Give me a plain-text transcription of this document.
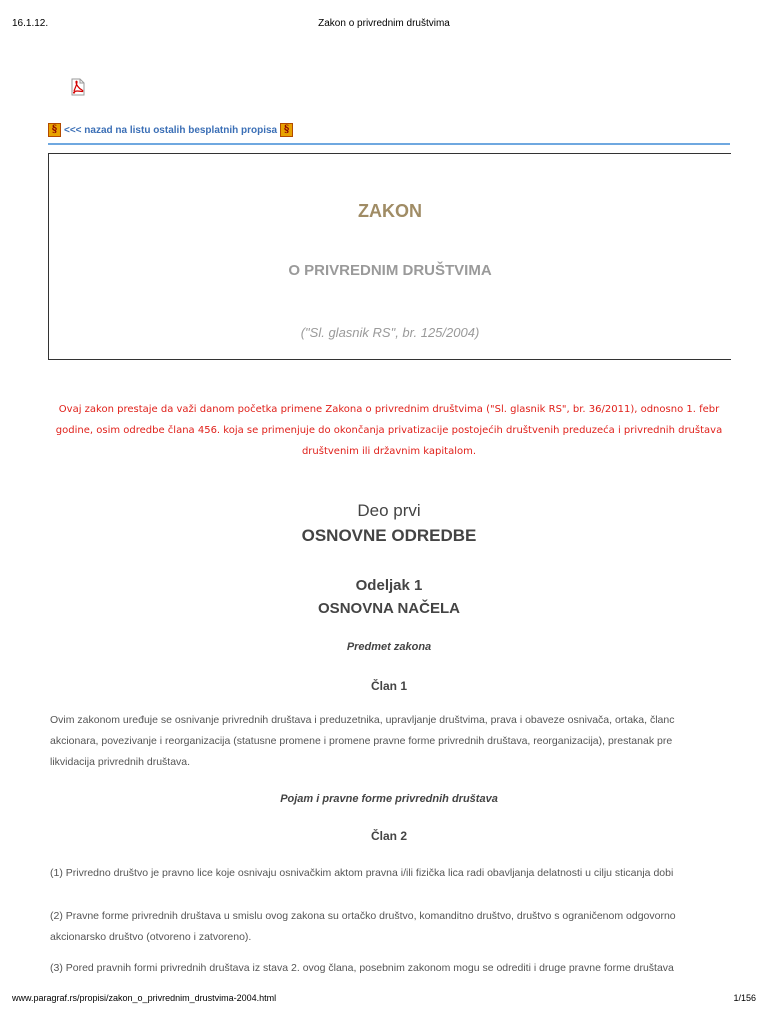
16.1.12.	Zakon o privrednim društvima
§ <<< nazad na listu ostalih besplatnih propisa §
ZAKON
O PRIVREDNIM DRUŠTVIMA
("Sl. glasnik RS", br. 125/2004)
Ovaj zakon prestaje da važi danom početka primene Zakona o privrednim društvima ("Sl. glasnik RS", br. 36/2011), odnosno 1. febr
godine, osim odredbe člana 456. koja se primenjuje do okončanja privatizacije postojećih društvenih preduzeća i privrednih društava
društvenim ili državnim kapitalom.
Deo prvi
OSNOVNE ODREDBE
Odeljak 1
OSNOVNA NAČELA
Predmet zakona
Član 1
Ovim zakonom uređuje se osnivanje privrednih društava i preduzetnika, upravljanje društvima, prava i obaveze osnivača, ortaka, članc
akcionara, povezivanje i reorganizacija (statusne promene i promene pravne forme privrednih društava, reorganizacija), prestanak pre
likvidacija privrednih društava.
Pojam i pravne forme privrednih društava
Član 2
(1) Privredno društvo je pravno lice koje osnivaju osnivačkim aktom pravna i/ili fizička lica radi obavljanja delatnosti u cilju sticanja dobi
(2) Pravne forme privrednih društava u smislu ovog zakona su ortačko društvo, komanditno društvo, društvo s ograničenom odgovorno
akcionarsko društvo (otvoreno i zatvoreno).
(3) Pored pravnih formi privrednih društava iz stava 2. ovog člana, posebnim zakonom mogu se odrediti i druge pravne forme društava
www.paragraf.rs/propisi/zakon_o_privrednim_drustvima-2004.html	1/156
